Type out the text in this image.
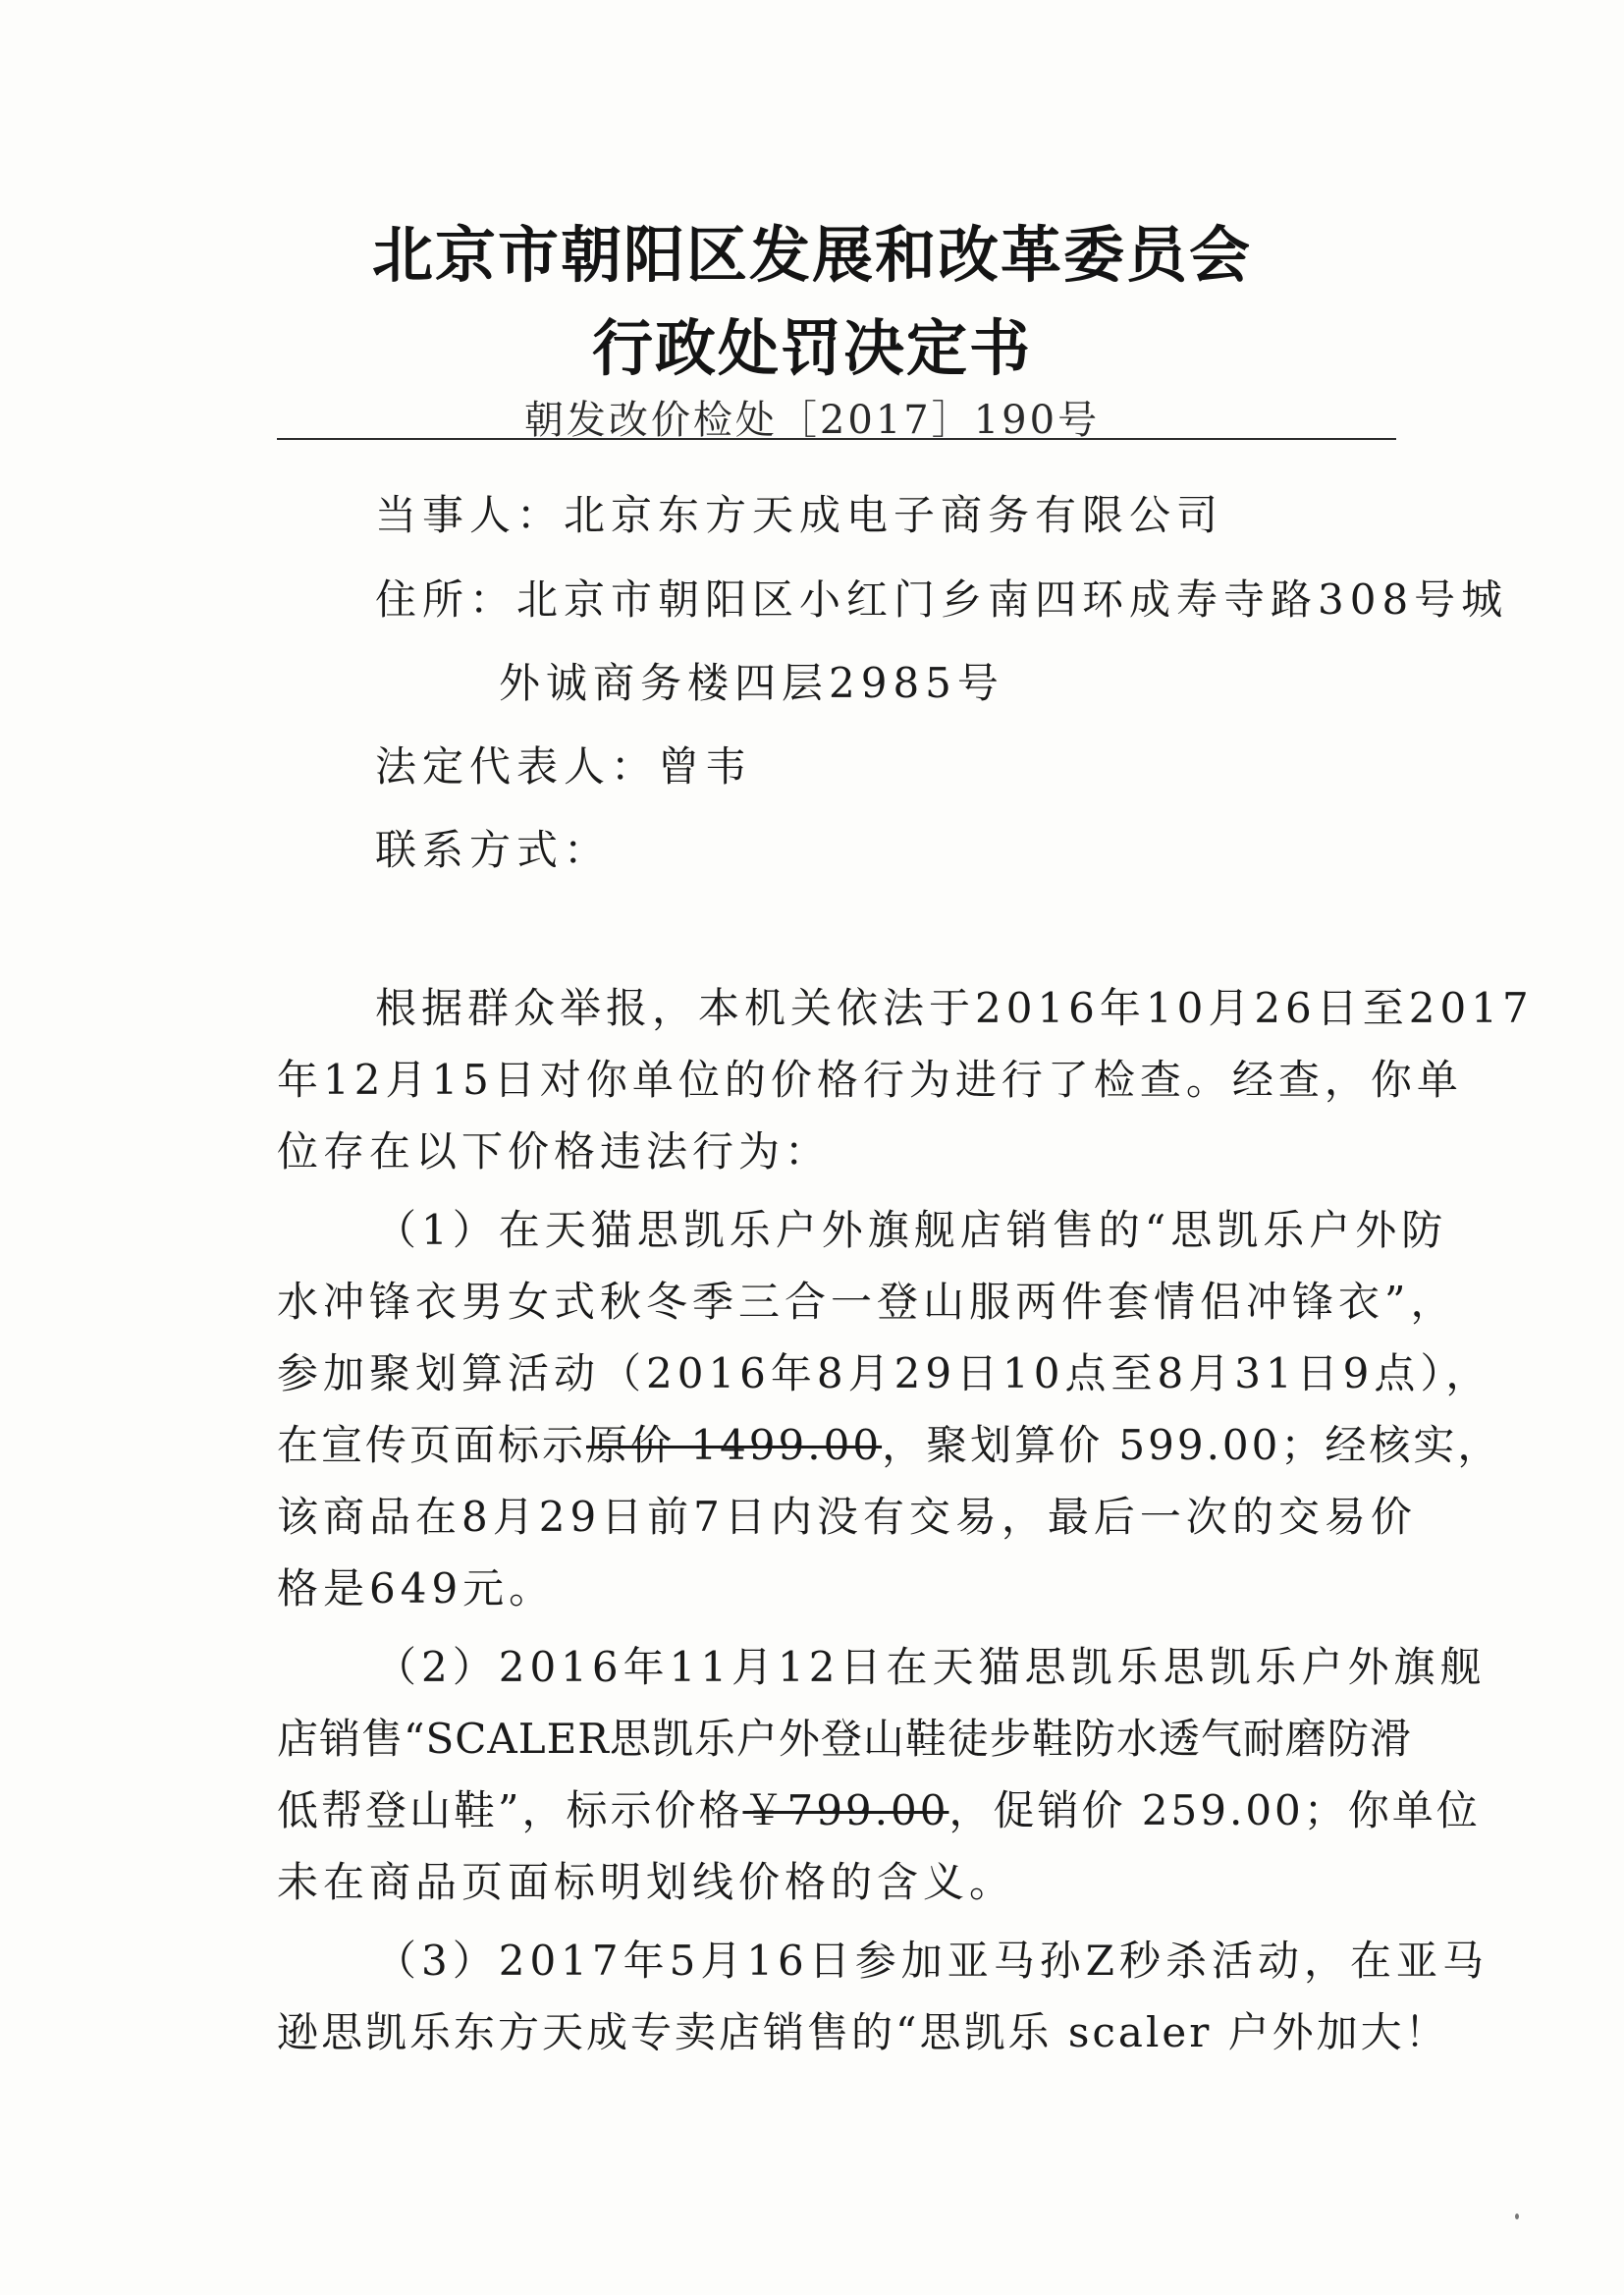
北京市朝阳区发展和改革委员会
行政处罚决定书
朝发改价检处［2017］190号
当事人：北京东方天成电子商务有限公司
住所：北京市朝阳区小红门乡南四环成寿寺路308号城
外诚商务楼四层2985号
法定代表人：曾韦
联系方式：
根据群众举报，本机关依法于2016年10月26日至2017
年12月15日对你单位的价格行为进行了检查。经查，你单
位存在以下价格违法行为：
（1）在天猫思凯乐户外旗舰店销售的“思凯乐户外防
水冲锋衣男女式秋冬季三合一登山服两件套情侣冲锋衣”，
参加聚划算活动（2016年8月29日10点至8月31日9点），
在宣传页面标示原价 1499.00，聚划算价 599.00；经核实，
该商品在8月29日前7日内没有交易，最后一次的交易价
格是649元。
（2）2016年11月12日在天猫思凯乐思凯乐户外旗舰
店销售“SCALER思凯乐户外登山鞋徒步鞋防水透气耐磨防滑
低帮登山鞋”，标示价格￥799.00，促销价 259.00；你单位
未在商品页面标明划线价格的含义。
（3）2017年5月16日参加亚马孙Z秒杀活动，在亚马
逊思凯乐东方天成专卖店销售的“思凯乐 scaler 户外加大！
